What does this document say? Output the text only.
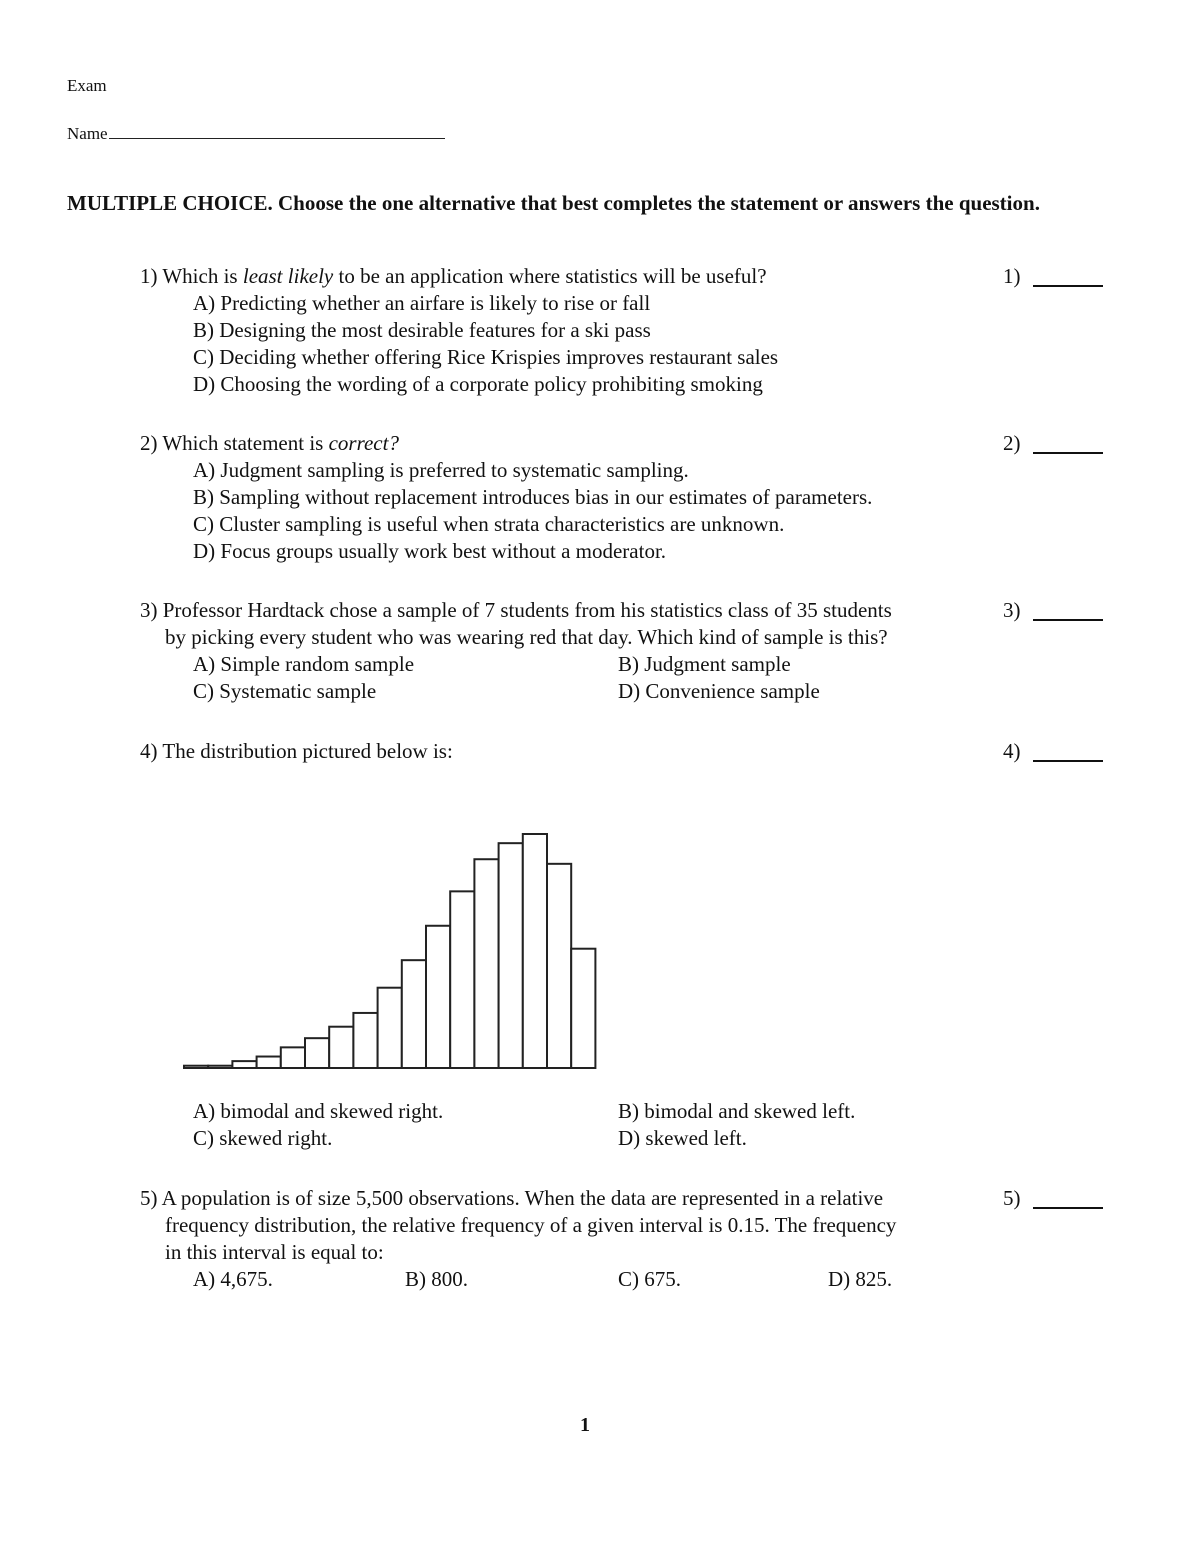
Exam
Name
MULTIPLE CHOICE. Choose the one alternative that best completes the statement or answers the question.
1) Which is least likely to be an application where statistics will be useful?	1)
A) Predicting whether an airfare is likely to rise or fall
B) Designing the most desirable features for a ski pass
C) Deciding whether offering Rice Krispies improves restaurant sales
D) Choosing the wording of a corporate policy prohibiting smoking
2) Which statement is correct?	2)
A) Judgment sampling is preferred to systematic sampling.
B) Sampling without replacement introduces bias in our estimates of parameters.
C) Cluster sampling is useful when strata characteristics are unknown.
D) Focus groups usually work best without a moderator.
3) Professor Hardtack chose a sample of 7 students from his statistics class of 35 students	3)
by picking every student who was wearing red that day. Which kind of sample is this?
A) Simple random sample	B) Judgment sample
C) Systematic sample	D) Convenience sample
4) The distribution pictured below is:	4)
A) bimodal and skewed right.	B) bimodal and skewed left.
C) skewed right.	D) skewed left.
5) A population is of size 5,500 observations. When the data are represented in a relative	5)
frequency distribution, the relative frequency of a given interval is 0.15. The frequency
in this interval is equal to:
A) 4,675.	B) 800.	C) 675.	D) 825.
1
